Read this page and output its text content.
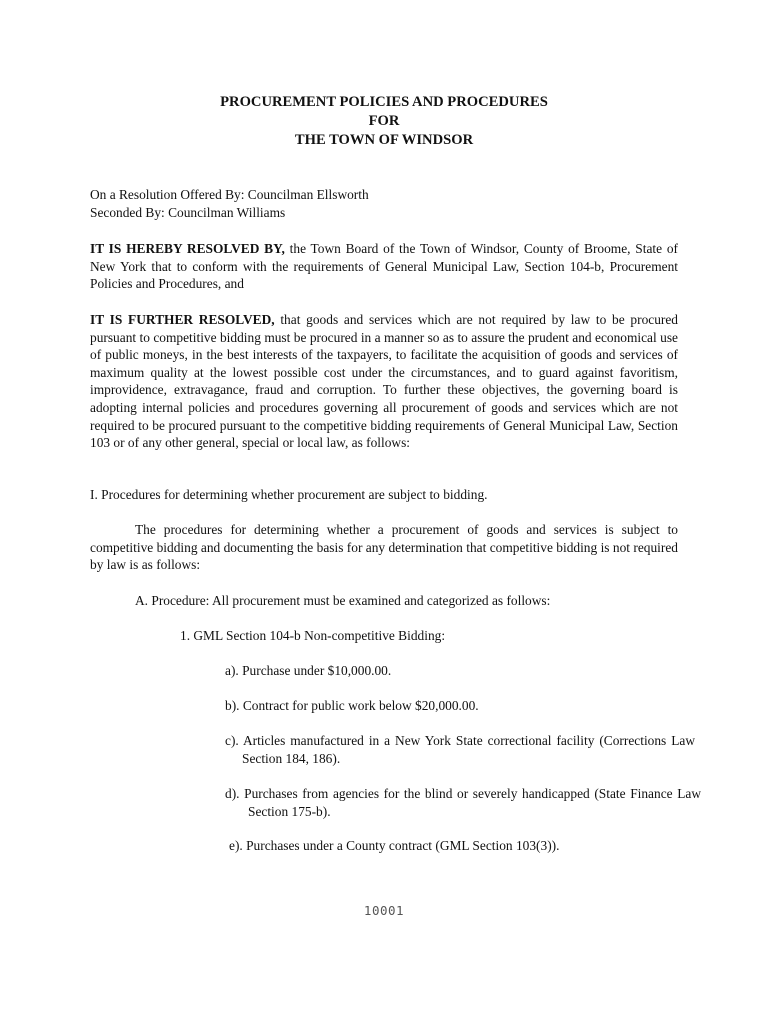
PROCUREMENT POLICIES AND PROCEDURES
FOR
THE TOWN OF WINDSOR

On a Resolution Offered By: Councilman Ellsworth

Seconded By: Councilman Williams

IT IS HEREBY RESOLVED BY, the Town Board of the Town of Windsor, County of Broome, State of New York that to conform with the requirements of General Municipal Law, Section 104-b, Procurement Policies and Procedures, and

IT IS FURTHER RESOLVED, that goods and services which are not required by law to be procured pursuant to competitive bidding must be procured in a manner so as to assure the prudent and economical use of public moneys, in the best interests of the taxpayers, to facilitate the acquisition of goods and services of maximum quality at the lowest possible cost under the circumstances, and to guard against favoritism, improvidence, extravagance, fraud and corruption. To further these objectives, the governing board is adopting internal policies and procedures governing all procurement of goods and services which are not required to be procured pursuant to the competitive bidding requirements of General Municipal Law, Section 103 or of any other general, special or local law, as follows:

I. Procedures for determining whether procurement are subject to bidding.

The procedures for determining whether a procurement of goods and services is subject to competitive bidding and documenting the basis for any determination that competitive bidding is not required by law is as follows:

A. Procedure: All procurement must be examined and categorized as follows:

1. GML Section 104-b Non-competitive Bidding:

a). Purchase under $10,000.00.

b). Contract for public work below $20,000.00.

c). Articles manufactured in a New York State correctional facility (Corrections Law Section 184, 186).

d). Purchases from agencies for the blind or severely handicapped (State Finance Law Section 175-b).

e). Purchases under a County contract (GML Section 103(3)).

10001
